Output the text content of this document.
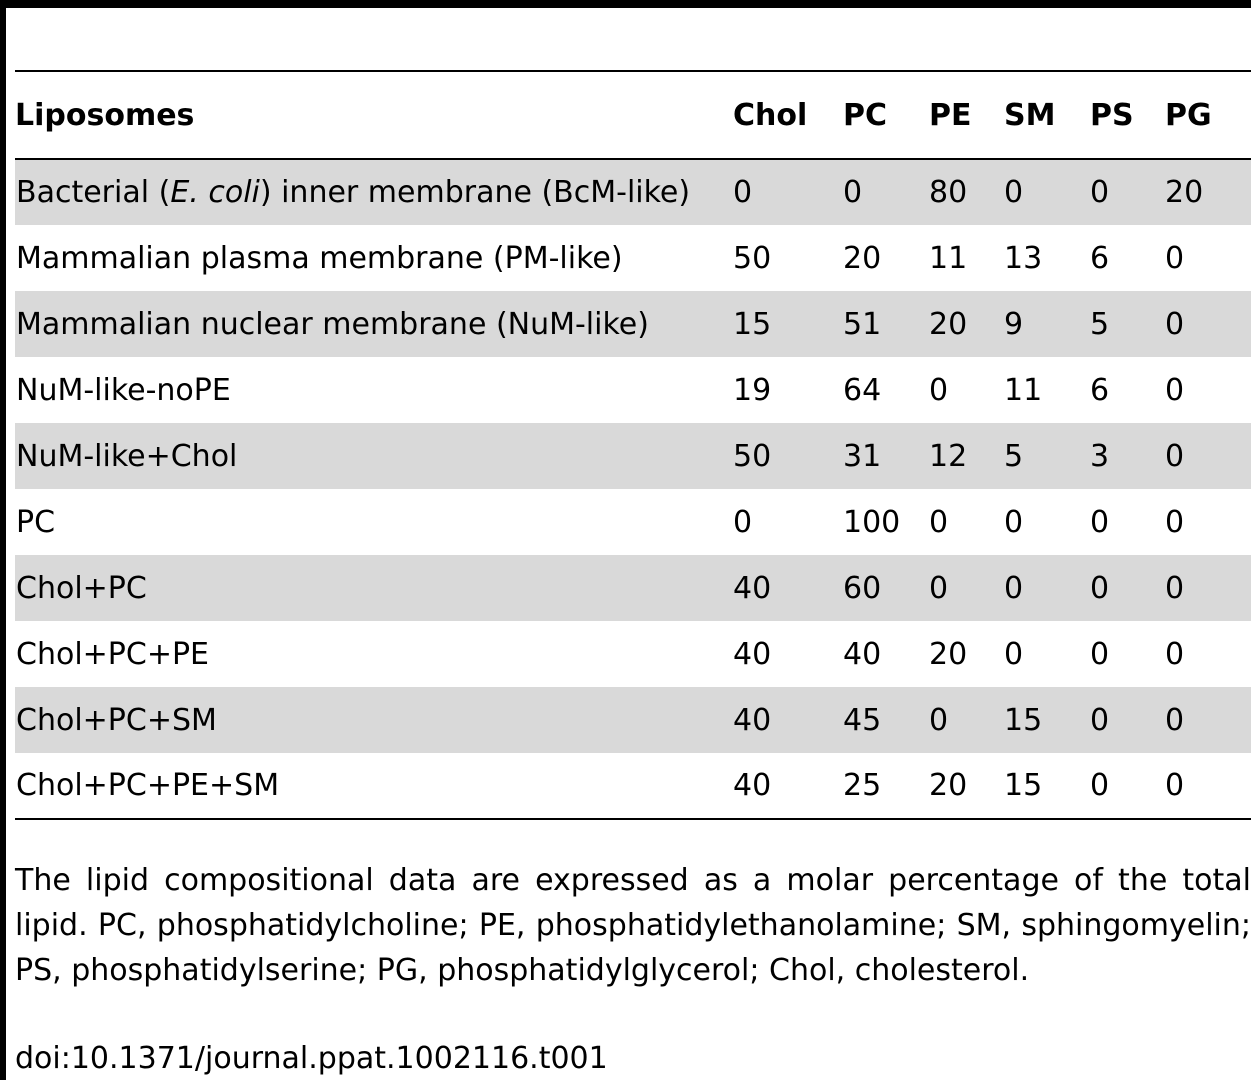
Liposomes	Chol	PC	PE	SM	PS	PG
Bacterial (E. coli) inner membrane (BcM-like)	0	0	80	0	0	20
Mammalian plasma membrane (PM-like)	50	20	11	13	6	0
Mammalian nuclear membrane (NuM-like)	15	51	20	9	5	0
NuM-like-noPE	19	64	0	11	6	0
NuM-like+Chol	50	31	12	5	3	0
PC	0	100	0	0	0	0
Chol+PC	40	60	0	0	0	0
Chol+PC+PE	40	40	20	0	0	0
Chol+PC+SM	40	45	0	15	0	0
Chol+PC+PE+SM	40	25	20	15	0	0
The lipid compositional data are expressed as a molar percentage of the total lipid. PC, phosphatidylcholine; PE, phosphatidylethanolamine; SM, sphingomyelin; PS, phosphatidylserine; PG, phosphatidylglycerol; Chol, cholesterol.
doi:10.1371/journal.ppat.1002116.t001
